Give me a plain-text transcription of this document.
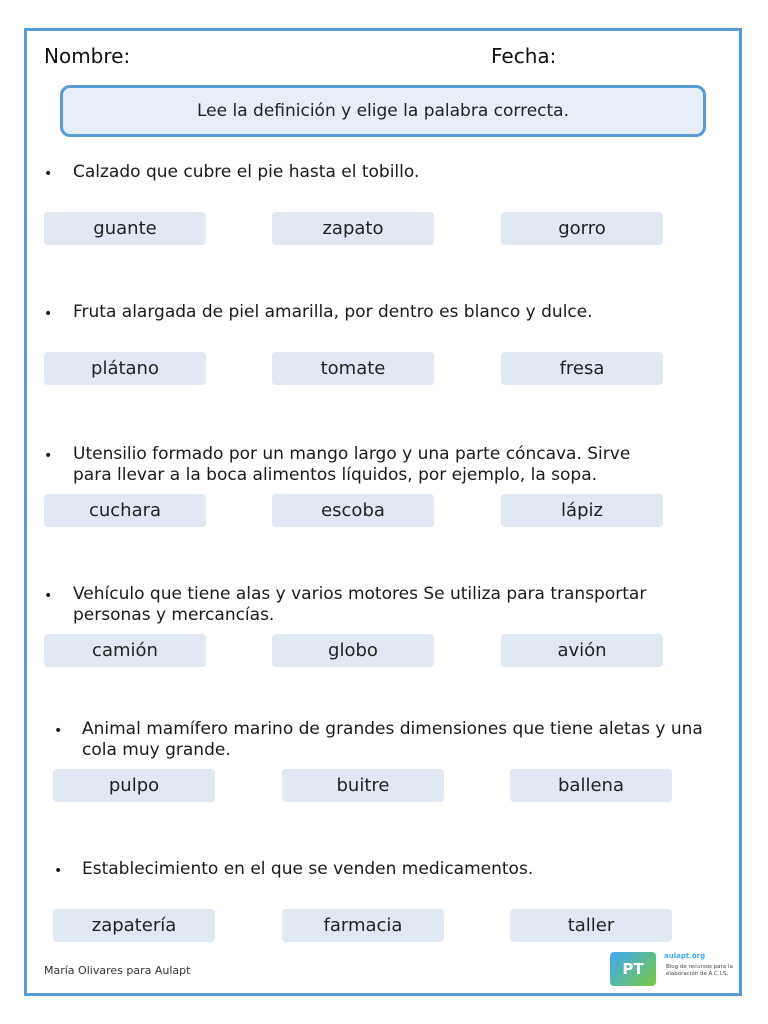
Nombre:	Fecha:
Lee la definición y elige la palabra correcta.
• Calzado que cubre el pie hasta el tobillo.
guante	zapato	gorro
• Fruta alargada de piel amarilla, por dentro es blanco y dulce.
plátano	tomate	fresa
• Utensilio formado por un mango largo y una parte cóncava. Sirve
para llevar a la boca alimentos líquidos, por ejemplo, la sopa.
cuchara	escoba	lápiz
• Vehículo que tiene alas y varios motores Se utiliza para transportar
personas y mercancías.
camión	globo	avión
• Animal mamífero marino de grandes dimensiones que tiene aletas y una
cola muy grande.
pulpo	buitre	ballena
• Establecimiento en el que se venden medicamentos.
zapatería	farmacia	taller
María Olivares para Aulapt	PT aula
aulapt.org
Blog de recursos para la elaboración de A.C.I.S.
